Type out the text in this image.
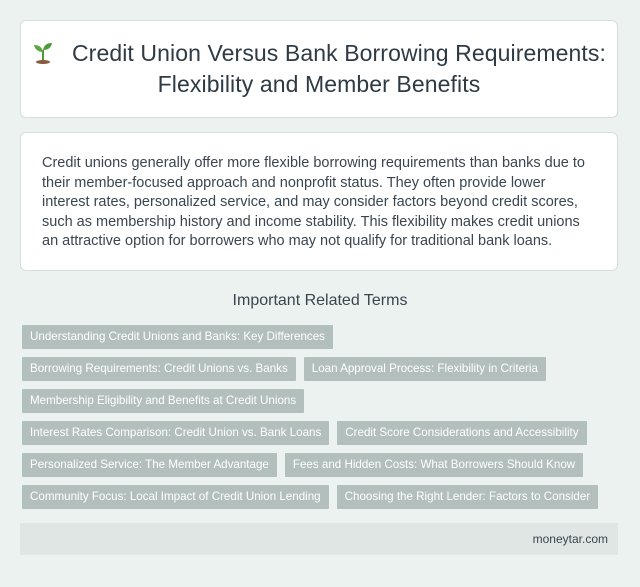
Credit Union Versus Bank Borrowing Requirements: Flexibility and Member Benefits

Credit unions generally offer more flexible borrowing requirements than banks due to their member-focused approach and nonprofit status. They often provide lower interest rates, personalized service, and may consider factors beyond credit scores, such as membership history and income stability. This flexibility makes credit unions an attractive option for borrowers who may not qualify for traditional bank loans.

Important Related Terms
Understanding Credit Unions and Banks: Key Differences
Borrowing Requirements: Credit Unions vs. Banks	Loan Approval Process: Flexibility in Criteria
Membership Eligibility and Benefits at Credit Unions
Interest Rates Comparison: Credit Union vs. Bank Loans	Credit Score Considerations and Accessibility
Personalized Service: The Member Advantage	Fees and Hidden Costs: What Borrowers Should Know
Community Focus: Local Impact of Credit Union Lending	Choosing the Right Lender: Factors to Consider
moneytar.com
